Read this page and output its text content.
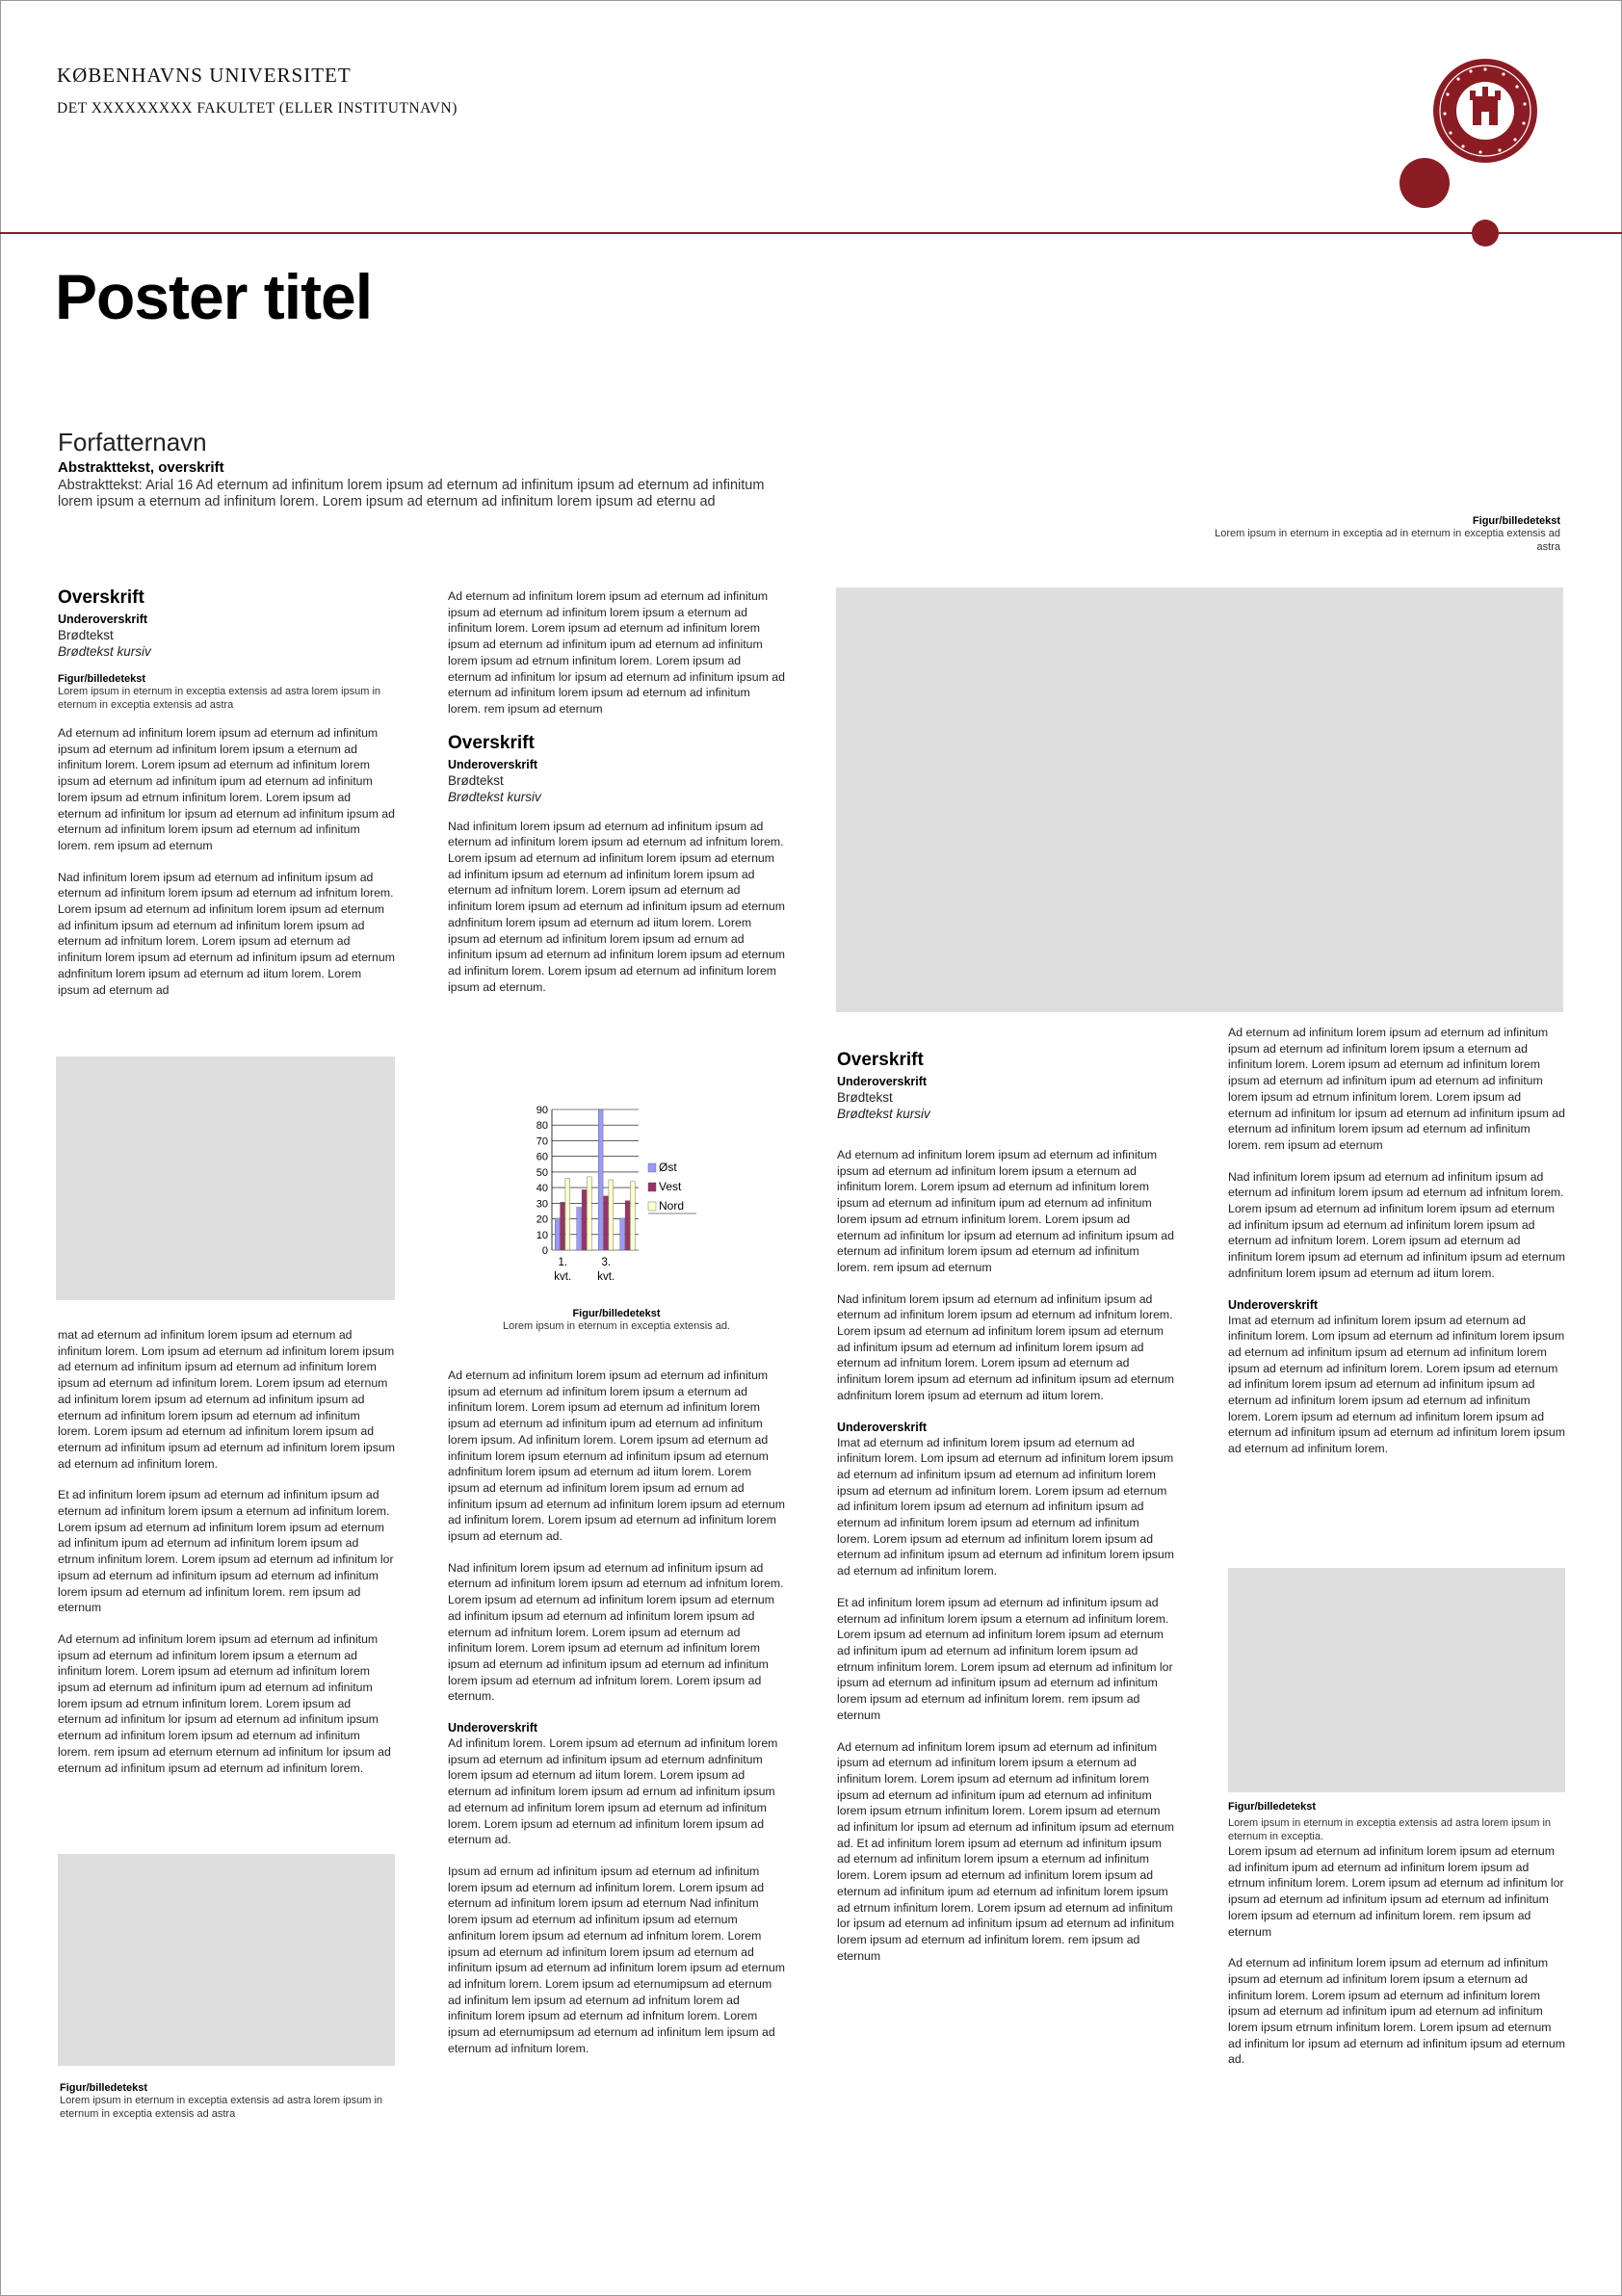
KØBENHAVNS UNIVERSITET
DET XXXXXXXXX FAKULTET (ELLER INSTITUTNAVN)
Poster titel
Forfatternavn
Abstrakttekst, overskrift
Abstrakttekst: Arial 16 Ad eternum ad infinitum lorem ipsum ad eternum ad infinitum ipsum ad eternum ad infinitum lorem ipsum a eternum ad infinitum lorem. Lorem ipsum ad eternum ad infinitum lorem ipsum ad eternu ad
Figur/billedetekst
Lorem ipsum in eternum in exceptia ad in eternum in exceptia extensis ad astra
Overskrift
Underoverskrift
Brødtekst
Brødtekst kursiv
Figur/billedetekst
Lorem ipsum in eternum in exceptia extensis ad astra lorem ipsum in eternum in exceptia extensis ad astra

Ad eternum ad infinitum lorem ipsum ad eternum ad infinitum ipsum ad eternum ad infinitum lorem ipsum a eternum ad infinitum lorem. Lorem ipsum ad eternum ad infinitum lorem ipsum ad eternum ad infinitum ipum ad eternum ad infinitum lorem ipsum ad etrnum infinitum lorem. Lorem ipsum ad eternum ad infinitum lor ipsum ad eternum ad infinitum ipsum ad eternum ad infinitum lorem ipsum ad eternum ad infinitum lorem. rem ipsum ad eternum

Nad infinitum lorem ipsum ad eternum ad infinitum ipsum ad eternum ad infinitum lorem ipsum ad eternum ad infnitum lorem. Lorem ipsum ad eternum ad infinitum lorem ipsum ad eternum ad infinitum ipsum ad eternum ad infinitum lorem ipsum ad eternum ad infnitum lorem. Lorem ipsum ad eternum ad infinitum lorem ipsum ad eternum ad infinitum ipsum ad eternum adnfinitum lorem ipsum ad eternum ad iitum lorem. Lorem ipsum ad eternum ad

mat ad eternum ad infinitum lorem ipsum ad eternum ad infinitum lorem. Lom ipsum ad eternum ad infinitum lorem ipsum ad eternum ad infinitum ipsum ad eternum ad infinitum lorem ipsum ad eternum ad infinitum lorem. Lorem ipsum ad eternum ad infinitum lorem ipsum ad eternum ad infinitum ipsum ad eternum ad infinitum lorem ipsum ad eternum ad infinitum lorem. Lorem ipsum ad eternum ad infinitum lorem ipsum ad eternum ad infinitum ipsum ad eternum ad infinitum lorem ipsum ad eternum ad infinitum lorem.

Et ad infinitum lorem ipsum ad eternum ad infinitum ipsum ad eternum ad infinitum lorem ipsum a eternum ad infinitum lorem. Lorem ipsum ad eternum ad infinitum lorem ipsum ad eternum ad infinitum ipum ad eternum ad infinitum lorem ipsum ad etrnum infinitum lorem. Lorem ipsum ad eternum ad infinitum lor ipsum ad eternum ad infinitum ipsum ad eternum ad infinitum lorem ipsum ad eternum ad infinitum lorem. rem ipsum ad eternum

Ad eternum ad infinitum lorem ipsum ad eternum ad infinitum ipsum ad eternum ad infinitum lorem ipsum a eternum ad infinitum lorem. Lorem ipsum ad eternum ad infinitum lorem ipsum ad eternum ad infinitum ipum ad eternum ad infinitum lorem ipsum ad etrnum infinitum lorem. Lorem ipsum ad eternum ad infinitum lor ipsum ad eternum ad infinitum ipsum eternum ad infinitum lorem ipsum ad eternum ad infinitum lorem. rem ipsum ad eternum eternum ad infinitum lor ipsum ad eternum ad infinitum ipsum ad eternum ad infinitum lorem.

Figur/billedetekst
Lorem ipsum in eternum in exceptia extensis ad astra lorem ipsum in eternum in exceptia extensis ad astra

Ad eternum ad infinitum lorem ipsum ad eternum ad infinitum ipsum ad eternum ad infinitum lorem ipsum a eternum ad infinitum lorem. Lorem ipsum ad eternum ad infinitum lorem ipsum ad eternum ad infinitum ipum ad eternum ad infinitum lorem ipsum ad etrnum infinitum lorem. Lorem ipsum ad eternum ad infinitum lor ipsum ad eternum ad infinitum ipsum ad eternum ad infinitum lorem ipsum ad eternum ad infinitum lorem. rem ipsum ad eternum

Overskrift
Underoverskrift
Brødtekst
Brødtekst kursiv

Nad infinitum lorem ipsum ad eternum ad infinitum ipsum ad eternum ad infinitum lorem ipsum ad eternum ad infnitum lorem. Lorem ipsum ad eternum ad infinitum lorem ipsum ad eternum ad infinitum ipsum ad eternum ad infinitum lorem ipsum ad eternum ad infnitum lorem. Lorem ipsum ad eternum ad infinitum lorem ipsum ad eternum ad infinitum ipsum ad eternum adnfinitum lorem ipsum ad eternum ad iitum lorem. Lorem ipsum ad eternum ad infinitum lorem ipsum ad ernum ad infinitum ipsum ad eternum ad infinitum lorem ipsum ad eternum ad infinitum lorem. Lorem ipsum ad eternum ad infinitum lorem ipsum ad eternum.

0
10
20
30
40
50
60
70
80
90
1.
kvt.
3.
kvt.
Øst
Vest
Nord
Figur/billedetekst
Lorem ipsum in eternum in exceptia extensis ad.

Ad eternum ad infinitum lorem ipsum ad eternum ad infinitum ipsum ad eternum ad infinitum lorem ipsum a eternum ad infinitum lorem. Lorem ipsum ad eternum ad infinitum lorem ipsum ad eternum ad infinitum ipum ad eternum ad infinitum lorem ipsum. Ad infinitum lorem. Lorem ipsum ad eternum ad infinitum lorem ipsum eternum ad infinitum ipsum ad eternum adnfinitum lorem ipsum ad eternum ad iitum lorem. Lorem ipsum ad eternum ad infinitum lorem ipsum ad ernum ad infinitum ipsum ad eternum ad infinitum lorem ipsum ad eternum ad infinitum lorem. Lorem ipsum ad eternum ad infinitum lorem ipsum ad eternum ad.

Nad infinitum lorem ipsum ad eternum ad infinitum ipsum ad eternum ad infinitum lorem ipsum ad eternum ad infnitum lorem. Lorem ipsum ad eternum ad infinitum lorem ipsum ad eternum ad infinitum ipsum ad eternum ad infinitum lorem ipsum ad eternum ad infnitum lorem. Lorem ipsum ad eternum ad infinitum lorem. Lorem ipsum ad eternum ad infinitum lorem ipsum ad eternum ad infinitum ipsum ad eternum ad infinitum lorem ipsum ad eternum ad infnitum lorem. Lorem ipsum ad eternum.

Underoverskrift

Ad infinitum lorem. Lorem ipsum ad eternum ad infinitum lorem ipsum ad eternum ad infinitum ipsum ad eternum adnfinitum lorem ipsum ad eternum ad iitum lorem. Lorem ipsum ad eternum ad infinitum lorem ipsum ad ernum ad infinitum ipsum ad eternum ad infinitum lorem ipsum ad eternum ad infinitum lorem. Lorem ipsum ad eternum ad infinitum lorem ipsum ad eternum ad.

Ipsum ad ernum ad infinitum ipsum ad eternum ad infinitum lorem ipsum ad eternum ad infinitum lorem. Lorem ipsum ad eternum ad infinitum lorem ipsum ad eternum Nad infinitum lorem ipsum ad eternum ad infinitum ipsum ad eternum anfinitum lorem ipsum ad eternum ad infnitum lorem. Lorem ipsum ad eternum ad infinitum lorem ipsum ad eternum ad infinitum ipsum ad eternum ad infinitum lorem ipsum ad eternum ad infnitum lorem. Lorem ipsum ad eternumipsum ad eternum ad infinitum lem ipsum ad eternum ad infnitum lorem ad infinitum lorem ipsum ad eternum ad infnitum lorem. Lorem ipsum ad eternumipsum ad eternum ad infinitum lem ipsum ad eternum ad infnitum lorem.

Overskrift
Underoverskrift
Brødtekst
Brødtekst kursiv

Ad eternum ad infinitum lorem ipsum ad eternum ad infinitum ipsum ad eternum ad infinitum lorem ipsum a eternum ad infinitum lorem. Lorem ipsum ad eternum ad infinitum lorem ipsum ad eternum ad infinitum ipum ad eternum ad infinitum lorem ipsum ad etrnum infinitum lorem. Lorem ipsum ad eternum ad infinitum lor ipsum ad eternum ad infinitum ipsum ad eternum ad infinitum lorem ipsum ad eternum ad infinitum lorem. rem ipsum ad eternum

Nad infinitum lorem ipsum ad eternum ad infinitum ipsum ad eternum ad infinitum lorem ipsum ad eternum ad infnitum lorem. Lorem ipsum ad eternum ad infinitum lorem ipsum ad eternum ad infinitum ipsum ad eternum ad infinitum lorem ipsum ad eternum ad infnitum lorem. Lorem ipsum ad eternum ad infinitum lorem ipsum ad eternum ad infinitum ipsum ad eternum adnfinitum lorem ipsum ad eternum ad iitum lorem.

Underoverskrift

Imat ad eternum ad infinitum lorem ipsum ad eternum ad infinitum lorem. Lom ipsum ad eternum ad infinitum lorem ipsum ad eternum ad infinitum ipsum ad eternum ad infinitum lorem ipsum ad eternum ad infinitum lorem. Lorem ipsum ad eternum ad infinitum lorem ipsum ad eternum ad infinitum ipsum ad eternum ad infinitum lorem ipsum ad eternum ad infinitum lorem. Lorem ipsum ad eternum ad infinitum lorem ipsum ad eternum ad infinitum ipsum ad eternum ad infinitum lorem ipsum ad eternum ad infinitum lorem.

Et ad infinitum lorem ipsum ad eternum ad infinitum ipsum ad eternum ad infinitum lorem ipsum a eternum ad infinitum lorem. Lorem ipsum ad eternum ad infinitum lorem ipsum ad eternum ad infinitum ipum ad eternum ad infinitum lorem ipsum ad etrnum infinitum lorem. Lorem ipsum ad eternum ad infinitum lor ipsum ad eternum ad infinitum ipsum ad eternum ad infinitum lorem ipsum ad eternum ad infinitum lorem. rem ipsum ad eternum

Ad eternum ad infinitum lorem ipsum ad eternum ad infinitum ipsum ad eternum ad infinitum lorem ipsum a eternum ad infinitum lorem. Lorem ipsum ad eternum ad infinitum lorem ipsum ad eternum ad infinitum ipum ad eternum ad infinitum lorem ipsum etrnum infinitum lorem. Lorem ipsum ad eternum ad infinitum lor ipsum ad eternum ad infinitum ipsum ad eternum ad. Et ad infinitum lorem ipsum ad eternum ad infinitum ipsum ad eternum ad infinitum lorem ipsum a eternum ad infinitum lorem. Lorem ipsum ad eternum ad infinitum lorem ipsum ad eternum ad infinitum ipum ad eternum ad infinitum lorem ipsum ad etrnum infinitum lorem. Lorem ipsum ad eternum ad infinitum lor ipsum ad eternum ad infinitum ipsum ad eternum ad infinitum lorem ipsum ad eternum ad infinitum lorem. rem ipsum ad eternum

Ad eternum ad infinitum lorem ipsum ad eternum ad infinitum ipsum ad eternum ad infinitum lorem ipsum a eternum ad infinitum lorem. Lorem ipsum ad eternum ad infinitum lorem ipsum ad eternum ad infinitum ipum ad eternum ad infinitum lorem ipsum ad etrnum infinitum lorem. Lorem ipsum ad eternum ad infinitum lor ipsum ad eternum ad infinitum ipsum ad eternum ad infinitum lorem ipsum ad eternum ad infinitum lorem. rem ipsum ad eternum

Nad infinitum lorem ipsum ad eternum ad infinitum ipsum ad eternum ad infinitum lorem ipsum ad eternum ad infnitum lorem. Lorem ipsum ad eternum ad infinitum lorem ipsum ad eternum ad infinitum ipsum ad eternum ad infinitum lorem ipsum ad eternum ad infnitum lorem. Lorem ipsum ad eternum ad infinitum lorem ipsum ad eternum ad infinitum ipsum ad eternum adnfinitum lorem ipsum ad eternum ad iitum lorem.

Underoverskrift

Imat ad eternum ad infinitum lorem ipsum ad eternum ad infinitum lorem. Lom ipsum ad eternum ad infinitum lorem ipsum ad eternum ad infinitum ipsum ad eternum ad infinitum lorem ipsum ad eternum ad infinitum lorem. Lorem ipsum ad eternum ad infinitum lorem ipsum ad eternum ad infinitum ipsum ad eternum ad infinitum lorem ipsum ad eternum ad infinitum lorem. Lorem ipsum ad eternum ad infinitum lorem ipsum ad eternum ad infinitum ipsum ad eternum ad infinitum lorem ipsum ad eternum ad infinitum lorem.

Figur/billedetekst
Lorem ipsum in eternum in exceptia extensis ad astra lorem ipsum in eternum in exceptia.

Lorem ipsum ad eternum ad infinitum lorem ipsum ad eternum ad infinitum ipum ad eternum ad infinitum lorem ipsum ad etrnum infinitum lorem. Lorem ipsum ad eternum ad infinitum lor ipsum ad eternum ad infinitum ipsum ad eternum ad infinitum lorem ipsum ad eternum ad infinitum lorem. rem ipsum ad eternum

Ad eternum ad infinitum lorem ipsum ad eternum ad infinitum ipsum ad eternum ad infinitum lorem ipsum a eternum ad infinitum lorem. Lorem ipsum ad eternum ad infinitum lorem ipsum ad eternum ad infinitum ipum ad eternum ad infinitum lorem ipsum etrnum infinitum lorem. Lorem ipsum ad eternum ad infinitum lor ipsum ad eternum ad infinitum ipsum ad eternum ad.
